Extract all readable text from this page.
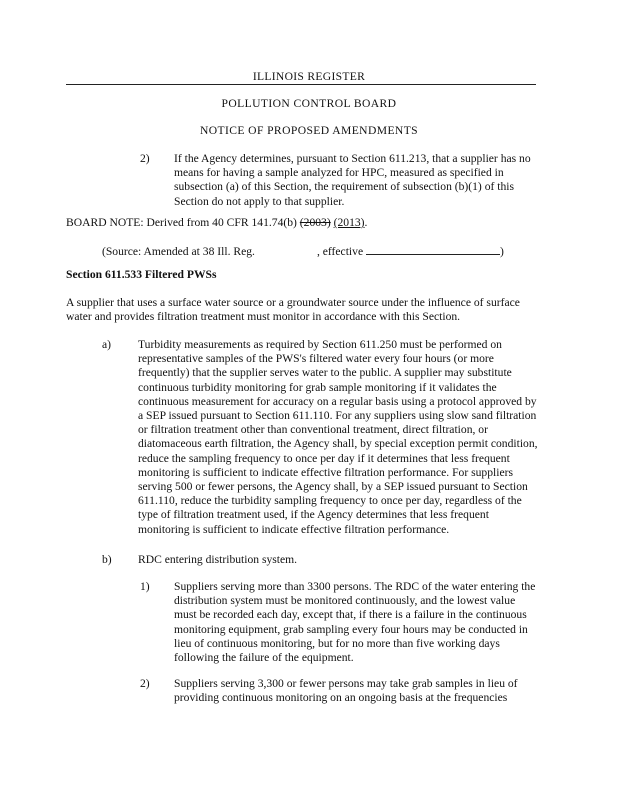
ILLINOIS REGISTER
POLLUTION CONTROL BOARD
NOTICE OF PROPOSED AMENDMENTS
2) If the Agency determines, pursuant to Section 611.213, that a supplier has no means for having a sample analyzed for HPC, measured as specified in subsection (a) of this Section, the requirement of subsection (b)(1) of this Section do not apply to that supplier.
BOARD NOTE: Derived from 40 CFR 141.74(b) (2003) (2013).
(Source: Amended at 38 Ill. Reg.	, effective	)
Section 611.533 Filtered PWSs
A supplier that uses a surface water source or a groundwater source under the influence of surface water and provides filtration treatment must monitor in accordance with this Section.
a) Turbidity measurements as required by Section 611.250 must be performed on representative samples of the PWS's filtered water every four hours (or more frequently) that the supplier serves water to the public. A supplier may substitute continuous turbidity monitoring for grab sample monitoring if it validates the continuous measurement for accuracy on a regular basis using a protocol approved by a SEP issued pursuant to Section 611.110. For any suppliers using slow sand filtration or filtration treatment other than conventional treatment, direct filtration, or diatomaceous earth filtration, the Agency shall, by special exception permit condition, reduce the sampling frequency to once per day if it determines that less frequent monitoring is sufficient to indicate effective filtration performance. For suppliers serving 500 or fewer persons, the Agency shall, by a SEP issued pursuant to Section 611.110, reduce the turbidity sampling frequency to once per day, regardless of the type of filtration treatment used, if the Agency determines that less frequent monitoring is sufficient to indicate effective filtration performance.
b) RDC entering distribution system.
1) Suppliers serving more than 3300 persons. The RDC of the water entering the distribution system must be monitored continuously, and the lowest value must be recorded each day, except that, if there is a failure in the continuous monitoring equipment, grab sampling every four hours may be conducted in lieu of continuous monitoring, but for no more than five working days following the failure of the equipment.
2) Suppliers serving 3,300 or fewer persons may take grab samples in lieu of providing continuous monitoring on an ongoing basis at the frequencies
